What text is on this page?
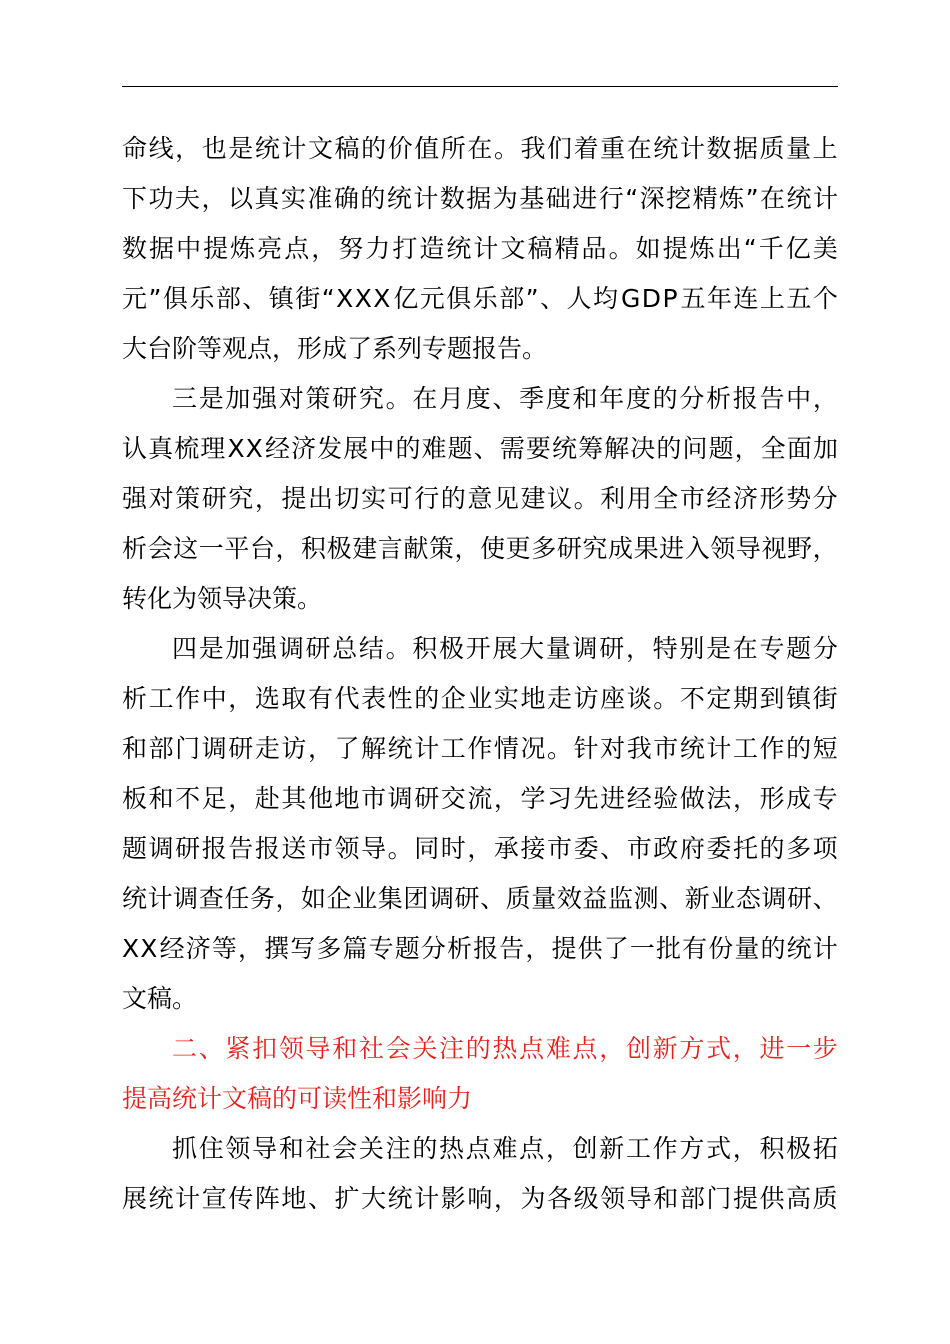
命 线 ， 也 是 统 计 文 稿 的 价 值 所 在 。 我 们 着 重 在 统 计 数 据 质 量 上
下 功 夫 ， 以 真 实 准 确 的 统 计 数 据 为 基 础 进 行 “ 深 挖 精 炼 ” 在 统 计
数 据 中 提 炼 亮 点 ， 努 力 打 造 统 计 文 稿 精 品 。 如 提 炼 出 “ 千 亿 美
元 ” 俱 乐 部 、 镇 街 “ X X X 亿 元 俱 乐 部 ” 、 人 均 G D P 五 年 连 上 五 个
大台阶等观点，形成了系列专题报告。
三 是 加 强 对 策 研 究 。 在 月 度 、 季 度 和 年 度 的 分 析 报 告 中 ，
认 真 梳 理 X X 经 济 发 展 中 的 难 题 、 需 要 统 筹 解 决 的 问 题 ， 全 面 加
强 对 策 研 究 ， 提 出 切 实 可 行 的 意 见 建 议 。 利 用 全 市 经 济 形 势 分
析 会 这 一 平 台 ， 积 极 建 言 献 策 ， 使 更 多 研 究 成 果 进 入 领 导 视 野 ，
转化为领导决策。
四 是 加 强 调 研 总 结 。 积 极 开 展 大 量 调 研 ， 特 别 是 在 专 题 分
析 工 作 中 ， 选 取 有 代 表 性 的 企 业 实 地 走 访 座 谈 。 不 定 期 到 镇 街
和 部 门 调 研 走 访 ， 了 解 统 计 工 作 情 况 。 针 对 我 市 统 计 工 作 的 短
板 和 不 足 ， 赴 其 他 地 市 调 研 交 流 ， 学 习 先 进 经 验 做 法 ， 形 成 专
题 调 研 报 告 报 送 市 领 导 。 同 时 ， 承 接 市 委 、 市 政 府 委 托 的 多 项
统 计 调 查 任 务 ， 如 企 业 集 团 调 研 、 质 量 效 益 监 测 、 新 业 态 调 研 、
X X 经 济 等 ， 撰 写 多 篇 专 题 分 析 报 告 ， 提 供 了 一 批 有 份 量 的 统 计
文稿。
二 、 紧 扣 领 导 和 社 会 关 注 的 热 点 难 点 ， 创 新 方 式 ， 进 一 步
提高统计文稿的可读性和影响力
抓 住 领 导 和 社 会 关 注 的 热 点 难 点 ， 创 新 工 作 方 式 ， 积 极 拓
展 统 计 宣 传 阵 地 、 扩 大 统 计 影 响 ， 为 各 级 领 导 和 部 门 提 供 高 质
